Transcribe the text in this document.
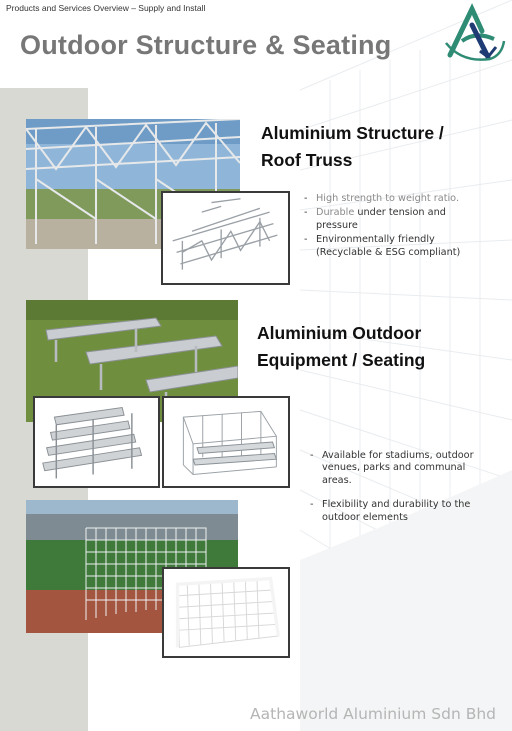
Products and Services Overview – Supply and Install
Outdoor Structure & Seating
Aluminium Structure /
Roof Truss
- High strength to weight ratio.
- Durable under tension and pressure
- Environmentally friendly (Recyclable & ESG compliant)
Aluminium Outdoor
Equipment / Seating
- Available for stadiums, outdoor venues, parks and communal areas.
- Flexibility and durability to the outdoor elements
Aathaworld Aluminium Sdn Bhd
